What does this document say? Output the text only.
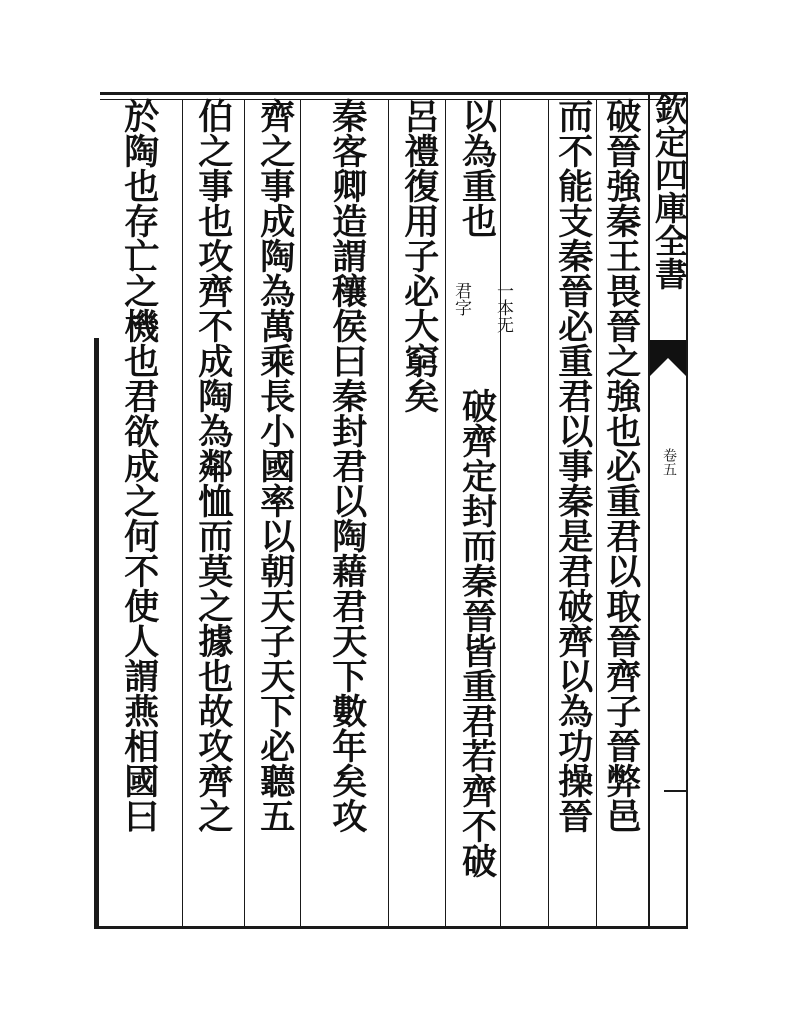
欽定四庫全書
卷五
破晉強秦王畏晉之強也必重君以取晉齊子晉弊邑
而不能支秦晉必重君以事秦是君破齊以為功操晉
以為重也
破齊定封而秦晉皆重君若齊不破
一本无
君字
呂禮復用子必大窮矣
秦客卿造謂穰侯曰秦封君以陶藉君天下數年矣攻
齊之事成陶為萬乘長小國率以朝天子天下必聽五
伯之事也攻齊不成陶為鄰恤而莫之據也故攻齊之
於陶也存亡之機也君欲成之何不使人謂燕相國曰
